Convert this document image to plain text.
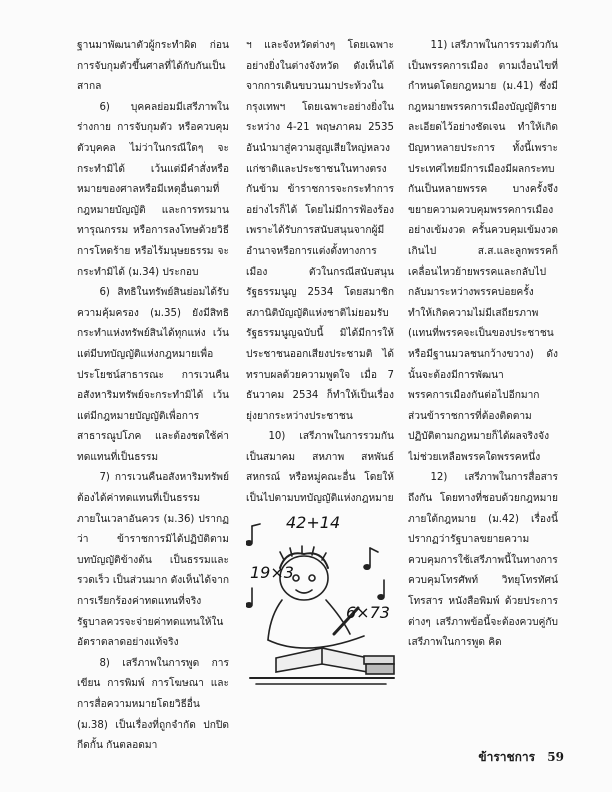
ฐานมาพัฒนาตัวผู้กระทำผิด ก่อนการจับกุมตัวขึ้นศาลที่ได้กับกันเป็นสากล

6) บุคคลย่อมมีเสรีภาพในร่างกาย การจับกุมตัว หรือควบคุมตัวบุคคล ไม่ว่าในกรณีใดๆ จะกระทำมิได้ เว้นแต่มีคำสั่งหรือหมายของศาลหรือมีเหตุอื่นตามที่กฎหมายบัญญัติ และการทรมาน ทารุณกรรม หรือการลงโทษด้วยวิธีการโหดร้าย หรือไร้มนุษยธรรม จะกระทำมิได้ (ม.34) ประกอบ

6) สิทธิในทรัพย์สินย่อมได้รับความคุ้มครอง (ม.35) ยังมีสิทธิกระทำแห่งทรัพย์สินได้ทุกแห่ง เว้นแต่มีบทบัญญัติแห่งกฎหมายเพื่อประโยชน์สาธารณะ การเวนคืนอสังหาริมทรัพย์จะกระทำมิได้ เว้นแต่มีกฎหมายบัญญัติเพื่อการสาธารณูปโภค และต้องชดใช้ค่าทดแทนที่เป็นธรรม

7) การเวนคืนอสังหาริมทรัพย์ต้องได้ค่าทดแทนที่เป็นธรรม ภายในเวลาอันควร (ม.36) ปรากฏว่า ข้าราชการมิได้ปฏิบัติตามบทบัญญัติข้างต้น เป็นธรรมและรวดเร็ว เป็นส่วนมาก ดังเห็นได้จากการเรียกร้องค่าทดแทนที่จริงรัฐบาลควรจะจ่ายค่าทดแทนให้ในอัตราตลาดอย่างแท้จริง

8) เสรีภาพในการพูด การเขียน การพิมพ์ การโฆษณา และการสื่อความหมายโดยวิธีอื่น (ม.38) เป็นเรื่องที่ถูกจำกัด ปกปิด กีดกั้น กันตลอดมา

ฯ และจังหวัดต่างๆ โดยเฉพาะอย่างยิ่งในต่างจังหวัด ดังเห็นได้จากการเดินขบวนมาประท้วงในกรุงเทพฯ โดยเฉพาะอย่างยิ่งในระหว่าง 4-21 พฤษภาคม 2535 อันนำมาสู่ความสูญเสียใหญ่หลวงแก่ชาติและประชาชนในทางตรงกันข้าม ข้าราชการจะกระทำการอย่างไรก็ได้ โดยไม่มีการฟ้องร้อง เพราะได้รับการสนับสนุนจากผู้มีอำนาจหรือการแต่งตั้งทางการเมือง ตัวในกรณีสนับสนุนรัฐธรรมนูญ 2534 โดยสมาชิกสภานิติบัญญัติแห่งชาติไม่ยอมรับรัฐธรรมนูญฉบับนี้ มิได้มีการให้ประชาชนออกเสียงประชามติ ได้ทราบผลด้วยความพูดใจ เมื่อ 7 ธันวาคม 2534 ก็ทำให้เป็นเรื่องยุ่งยากระหว่างประชาชน

10) เสรีภาพในการรวมกันเป็นสมาคม สหภาพ สหพันธ์ สหกรณ์ หรือหมู่คณะอื่น โดยให้เป็นไปตามบทบัญญัติแห่งกฎหมาย

11) เสรีภาพในการรวมตัวกันเป็นพรรคการเมือง ตามเงื่อนไขที่กำหนดโดยกฎหมาย (ม.41) ซึ่งมีกฎหมายพรรคการเมืองบัญญัติรายละเอียดไว้อย่างชัดเจน ทำให้เกิดปัญหาหลายประการ ทั้งนี้เพราะประเทศไทยมีการเมืองมีผลกระทบกันเป็นหลายพรรค บางครั้งจึงขยายความควบคุมพรรคการเมืองอย่างเข้มงวด ครั้นควบคุมเข้มงวดเกินไป ส.ส.และลูกพรรคก็เคลื่อนไหวย้ายพรรคและกลับไปกลับมาระหว่างพรรคบ่อยครั้ง ทำให้เกิดความไม่มีเสถียรภาพ (แทนที่พรรคจะเป็นของประชาชน หรือมีฐานมวลชนกว้างขวาง) ดังนั้นจะต้องมีการพัฒนาพรรคการเมืองกันต่อไปอีกมาก ส่วนข้าราชการที่ต้องติดตามปฏิบัติตามกฎหมายก็ได้ผลจริงจัง ไม่ช่วยเหลือพรรคใดพรรคหนึ่ง

12) เสรีภาพในการสื่อสารถึงกัน โดยทางที่ชอบด้วยกฎหมาย ภายใต้กฎหมาย (ม.42) เรื่องนี้ปรากฏว่ารัฐบาลขยายความควบคุมการใช้เสรีภาพนี้ในทางการควบคุมโทรศัพท์ วิทยุโทรทัศน์ โทรสาร หนังสือพิมพ์ ด้วยประการต่างๆ เสรีภาพข้อนี้จะต้องควบคู่กับเสรีภาพในการพูด คิด

42+14
19×3
6×73
ข้าราชการ 59
